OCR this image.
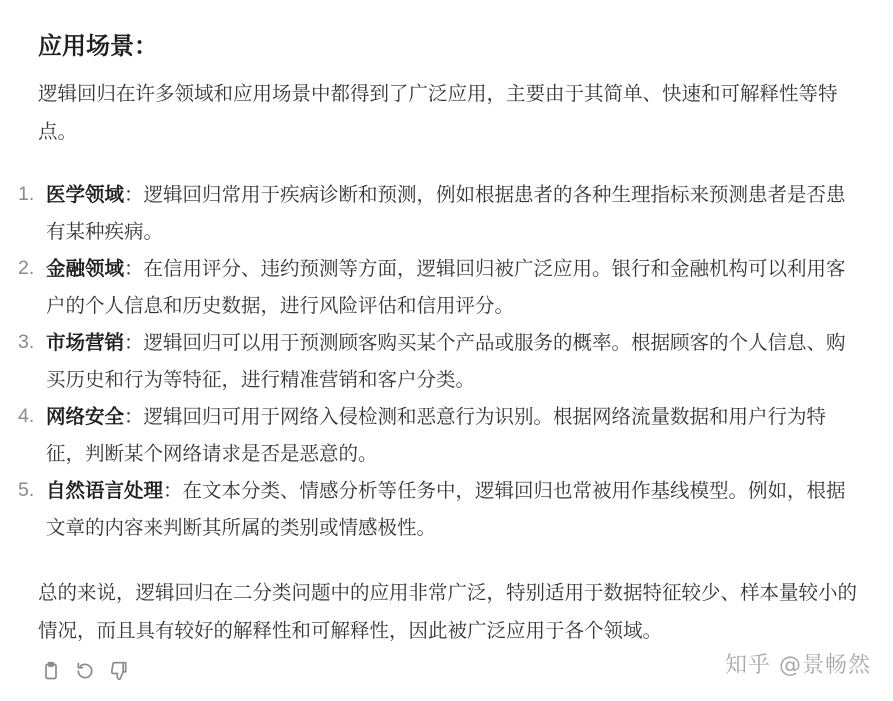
应用场景：

逻辑回归在许多领域和应用场景中都得到了广泛应用，主要由于其简单、快速和可解释性等特点。

1. 医学领域：逻辑回归常用于疾病诊断和预测，例如根据患者的各种生理指标来预测患者是否患有某种疾病。
2. 金融领域：在信用评分、违约预测等方面，逻辑回归被广泛应用。银行和金融机构可以利用客户的个人信息和历史数据，进行风险评估和信用评分。
3. 市场营销：逻辑回归可以用于预测顾客购买某个产品或服务的概率。根据顾客的个人信息、购买历史和行为等特征，进行精准营销和客户分类。
4. 网络安全：逻辑回归可用于网络入侵检测和恶意行为识别。根据网络流量数据和用户行为特征，判断某个网络请求是否是恶意的。
5. 自然语言处理：在文本分类、情感分析等任务中，逻辑回归也常被用作基线模型。例如，根据文章的内容来判断其所属的类别或情感极性。

总的来说，逻辑回归在二分类问题中的应用非常广泛，特别适用于数据特征较少、样本量较小的情况，而且具有较好的解释性和可解释性，因此被广泛应用于各个领域。

知乎 @景畅然
